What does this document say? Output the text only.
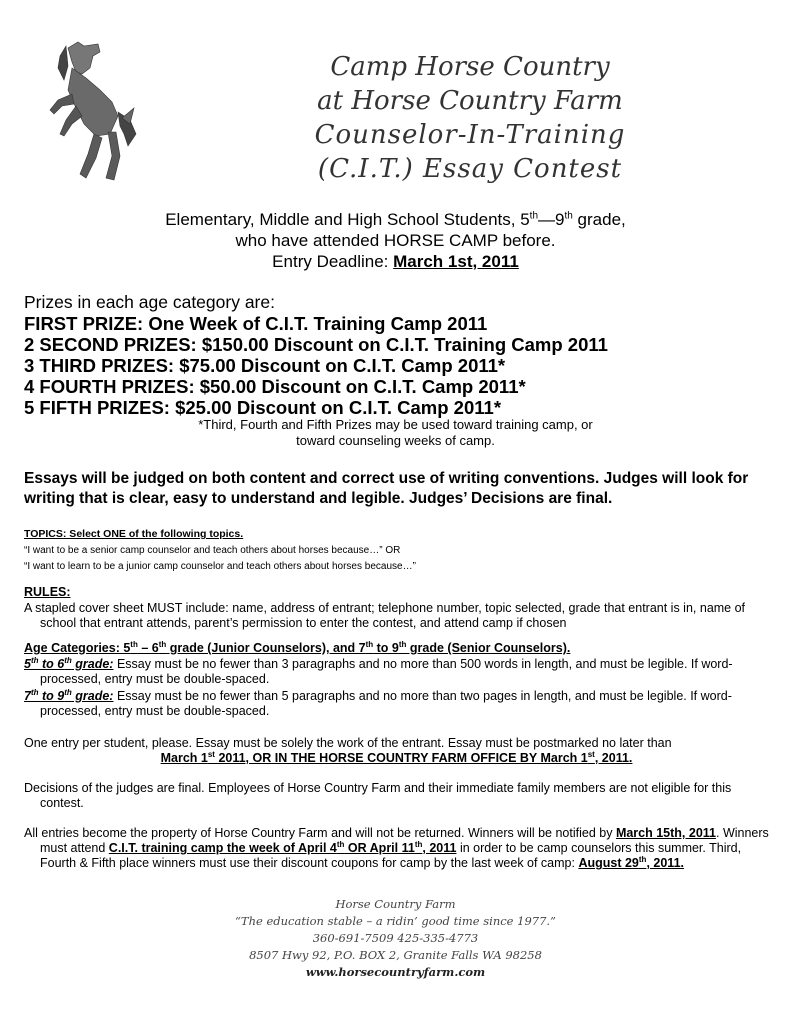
Camp Horse Country
at Horse Country Farm
Counselor-In-Training
(C.I.T.) Essay Contest
Elementary, Middle and High School Students, 5th—9th grade,
who have attended HORSE CAMP before.
Entry Deadline: March 1st, 2011
Prizes in each age category are:
FIRST PRIZE: One Week of C.I.T. Training Camp 2011
2 SECOND PRIZES: $150.00 Discount on C.I.T. Training Camp 2011
3 THIRD PRIZES: $75.00 Discount on C.I.T. Camp 2011*
4 FOURTH PRIZES: $50.00 Discount on C.I.T. Camp 2011*
5 FIFTH PRIZES: $25.00 Discount on C.I.T. Camp 2011*
*Third, Fourth and Fifth Prizes may be used toward training camp, or
toward counseling weeks of camp.
Essays will be judged on both content and correct use of writing conventions. Judges will look for writing that is clear, easy to understand and legible. Judges’ Decisions are final.
TOPICS: Select ONE of the following topics.
“I want to be a senior camp counselor and teach others about horses because…” OR
“I want to learn to be a junior camp counselor and teach others about horses because…”
RULES:
A stapled cover sheet MUST include: name, address of entrant; telephone number, topic selected, grade that entrant is in, name of school that entrant attends, parent’s permission to enter the contest, and attend camp if chosen
Age Categories: 5th – 6th grade (Junior Counselors), and 7th to 9th grade (Senior Counselors).
5th to 6th grade: Essay must be no fewer than 3 paragraphs and no more than 500 words in length, and must be legible. If word-processed, entry must be double-spaced.
7th to 9th grade: Essay must be no fewer than 5 paragraphs and no more than two pages in length, and must be legible. If word-processed, entry must be double-spaced.
One entry per student, please. Essay must be solely the work of the entrant. Essay must be postmarked no later than
March 1st 2011, OR IN THE HORSE COUNTRY FARM OFFICE BY March 1st, 2011.
Decisions of the judges are final. Employees of Horse Country Farm and their immediate family members are not eligible for this contest.
All entries become the property of Horse Country Farm and will not be returned. Winners will be notified by March 15th, 2011. Winners must attend C.I.T. training camp the week of April 4th OR April 11th, 2011 in order to be camp counselors this summer. Third, Fourth & Fifth place winners must use their discount coupons for camp by the last week of camp: August 29th, 2011.
Horse Country Farm
“The education stable – a ridin’ good time since 1977.”
360-691-7509 425-335-4773
8507 Hwy 92, P.O. BOX 2, Granite Falls WA 98258
www.horsecountryfarm.com
